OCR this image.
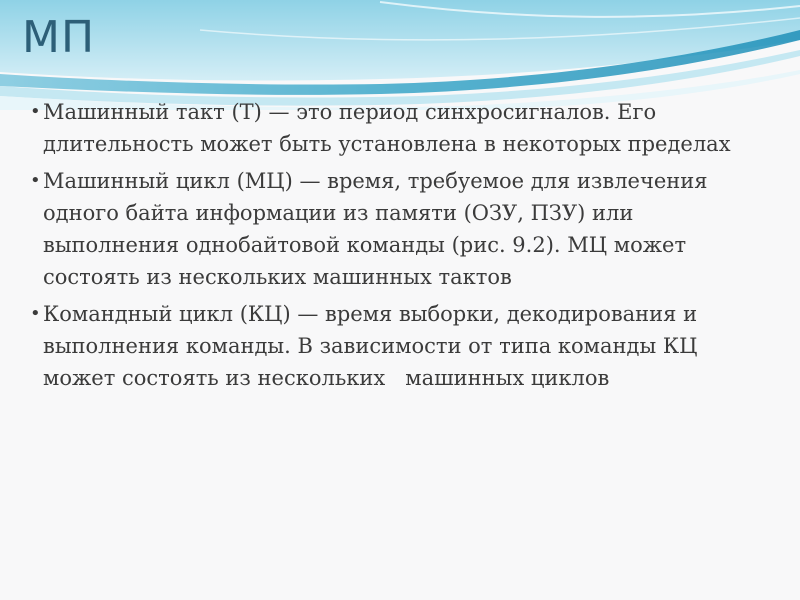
МП
• Машинный такт (Т) — это период синхросигналов. Его длительность может быть установлена в некоторых пределах
• Машинный цикл (МЦ) — время, требуемое для извлечения одного байта информации из памяти (ОЗУ, ПЗУ) или выполнения однобайтовой команды (рис. 9.2). МЦ может состоять из нескольких машинных тактов
• Командный цикл (КЦ) — время выборки, декодирования и выполнения команды. В зависимости от типа команды КЦ может состоять из нескольких   машинных циклов
